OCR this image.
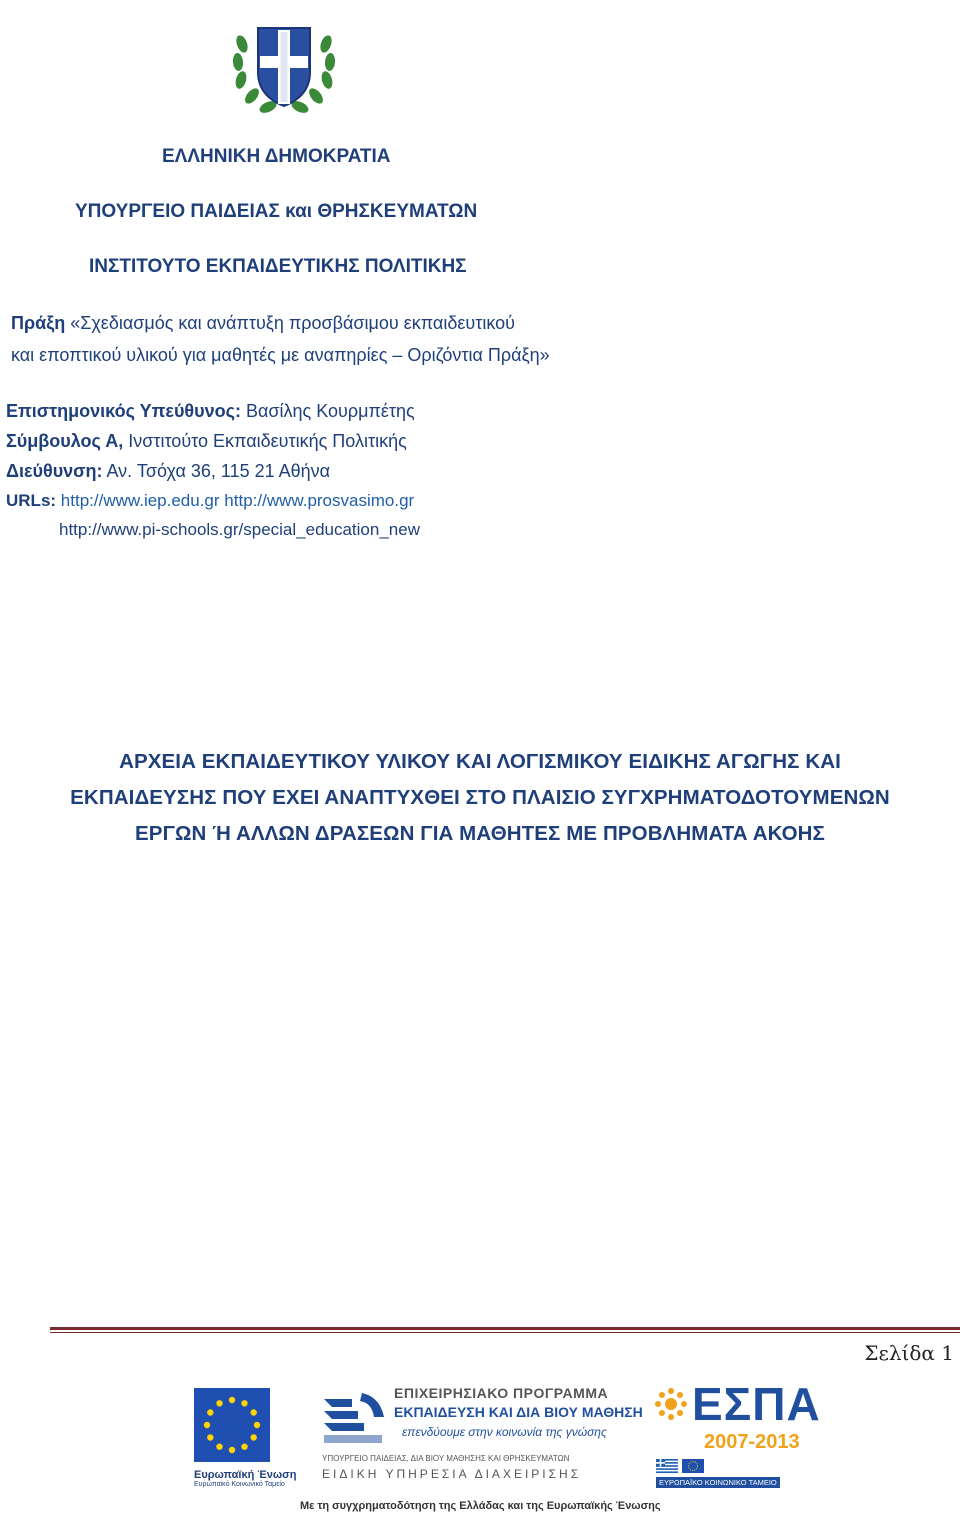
ΕΛΛΗΝΙΚΗ ΔΗΜΟΚΡΑΤΙΑ
ΥΠΟΥΡΓΕΙΟ ΠΑΙΔΕΙΑΣ και ΘΡΗΣΚΕΥΜΑΤΩΝ
ΙΝΣΤΙΤΟΥΤΟ ΕΚΠΑΙΔΕΥΤΙΚΗΣ ΠΟΛΙΤΙΚΗΣ
Πράξη «Σχεδιασμός και ανάπτυξη προσβάσιμου εκπαιδευτικού
και εποπτικού υλικού για μαθητές με αναπηρίες – Οριζόντια Πράξη»
Επιστημονικός Υπεύθυνος: Βασίλης Κουρμπέτης
Σύμβουλος Α, Ινστιτούτο Εκπαιδευτικής Πολιτικής
Διεύθυνση: Αν. Τσόχα 36, 115 21 Αθήνα
URLs: http://www.iep.edu.gr http://www.prosvasimo.gr
http://www.pi-schools.gr/special_education_new
ΑΡΧΕΙΑ ΕΚΠΑΙΔΕΥΤΙΚΟΥ ΥΛΙΚΟΥ ΚΑΙ ΛΟΓΙΣΜΙΚΟΥ ΕΙΔΙΚΗΣ ΑΓΩΓΗΣ ΚΑΙ
ΕΚΠΑΙΔΕΥΣΗΣ ΠΟΥ ΕΧΕΙ ΑΝΑΠΤΥΧΘΕΙ ΣΤΟ ΠΛΑΙΣΙΟ ΣΥΓΧΡΗΜΑΤΟΔΟΤΟΥΜΕΝΩΝ
ΕΡΓΩΝ Ή ΑΛΛΩΝ ΔΡΑΣΕΩΝ ΓΙΑ ΜΑΘΗΤΕΣ ΜΕ ΠΡΟΒΛΗΜΑΤΑ ΑΚΟΗΣ
Σελίδα 1
Ευρωπαϊκή Ένωση
Ευρωπαϊκό Κοινωνικό Ταμείο
ΕΠΙΧΕΙΡΗΣΙΑΚΟ ΠΡΟΓΡΑΜΜΑ
ΕΚΠΑΙΔΕΥΣΗ ΚΑΙ ΔΙΑ ΒΙΟΥ ΜΑΘΗΣΗ
επενδύουμε στην κοινωνία της γνώσης
ΥΠΟΥΡΓΕΙΟ ΠΑΙΔΕΙΑΣ, ΔΙΑ ΒΙΟΥ ΜΑΘΗΣΗΣ ΚΑΙ ΘΡΗΣΚΕΥΜΑΤΩΝ
ΕΙΔΙΚΗ ΥΠΗΡΕΣΙΑ ΔΙΑΧΕΙΡΙΣΗΣ
ΕΣΠΑ
2007-2013
ΕΥΡΩΠΑΪΚΟ ΚΟΙΝΩΝΙΚΟ ΤΑΜΕΙΟ
Με τη συγχρηματοδότηση της Ελλάδας και της Ευρωπαϊκής Ένωσης
